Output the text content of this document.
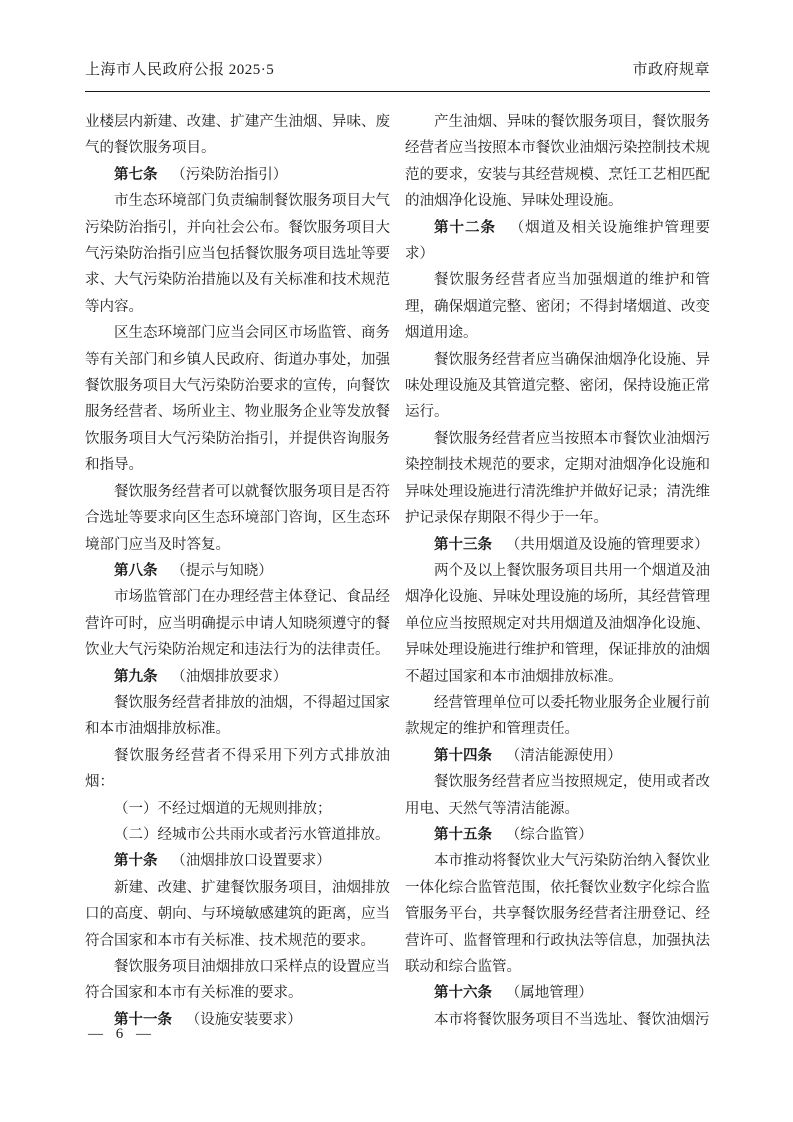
上海市人民政府公报 2025·5	市政府规章

业楼层内新建、改建、扩建产生油烟、异味、废气的餐饮服务项目。

第七条 （污染防治指引）

市生态环境部门负责编制餐饮服务项目大气污染防治指引，并向社会公布。餐饮服务项目大气污染防治指引应当包括餐饮服务项目选址等要求、大气污染防治措施以及有关标准和技术规范等内容。

区生态环境部门应当会同区市场监管、商务等有关部门和乡镇人民政府、街道办事处，加强餐饮服务项目大气污染防治要求的宣传，向餐饮服务经营者、场所业主、物业服务企业等发放餐饮服务项目大气污染防治指引，并提供咨询服务和指导。

餐饮服务经营者可以就餐饮服务项目是否符合选址等要求向区生态环境部门咨询，区生态环境部门应当及时答复。

第八条 （提示与知晓）

市场监管部门在办理经营主体登记、食品经营许可时，应当明确提示申请人知晓须遵守的餐饮业大气污染防治规定和违法行为的法律责任。

第九条 （油烟排放要求）

餐饮服务经营者排放的油烟，不得超过国家和本市油烟排放标准。

餐饮服务经营者不得采用下列方式排放油烟：

（一）不经过烟道的无规则排放；

（二）经城市公共雨水或者污水管道排放。

第十条 （油烟排放口设置要求）

新建、改建、扩建餐饮服务项目，油烟排放口的高度、朝向、与环境敏感建筑的距离，应当符合国家和本市有关标准、技术规范的要求。

餐饮服务项目油烟排放口采样点的设置应当符合国家和本市有关标准的要求。

第十一条 （设施安装要求）

产生油烟、异味的餐饮服务项目，餐饮服务经营者应当按照本市餐饮业油烟污染控制技术规范的要求，安装与其经营规模、烹饪工艺相匹配的油烟净化设施、异味处理设施。

第十二条 （烟道及相关设施维护管理要求）

餐饮服务经营者应当加强烟道的维护和管理，确保烟道完整、密闭；不得封堵烟道、改变烟道用途。

餐饮服务经营者应当确保油烟净化设施、异味处理设施及其管道完整、密闭，保持设施正常运行。

餐饮服务经营者应当按照本市餐饮业油烟污染控制技术规范的要求，定期对油烟净化设施和异味处理设施进行清洗维护并做好记录；清洗维护记录保存期限不得少于一年。

第十三条 （共用烟道及设施的管理要求）

两个及以上餐饮服务项目共用一个烟道及油烟净化设施、异味处理设施的场所，其经营管理单位应当按照规定对共用烟道及油烟净化设施、异味处理设施进行维护和管理，保证排放的油烟不超过国家和本市油烟排放标准。

经营管理单位可以委托物业服务企业履行前款规定的维护和管理责任。

第十四条 （清洁能源使用）

餐饮服务经营者应当按照规定，使用或者改用电、天然气等清洁能源。

第十五条 （综合监管）

本市推动将餐饮业大气污染防治纳入餐饮业一体化综合监管范围，依托餐饮业数字化综合监管服务平台，共享餐饮服务经营者注册登记、经营许可、监督管理和行政执法等信息，加强执法联动和综合监管。

第十六条 （属地管理）

本市将餐饮服务项目不当选址、餐饮油烟污

— 6 —
